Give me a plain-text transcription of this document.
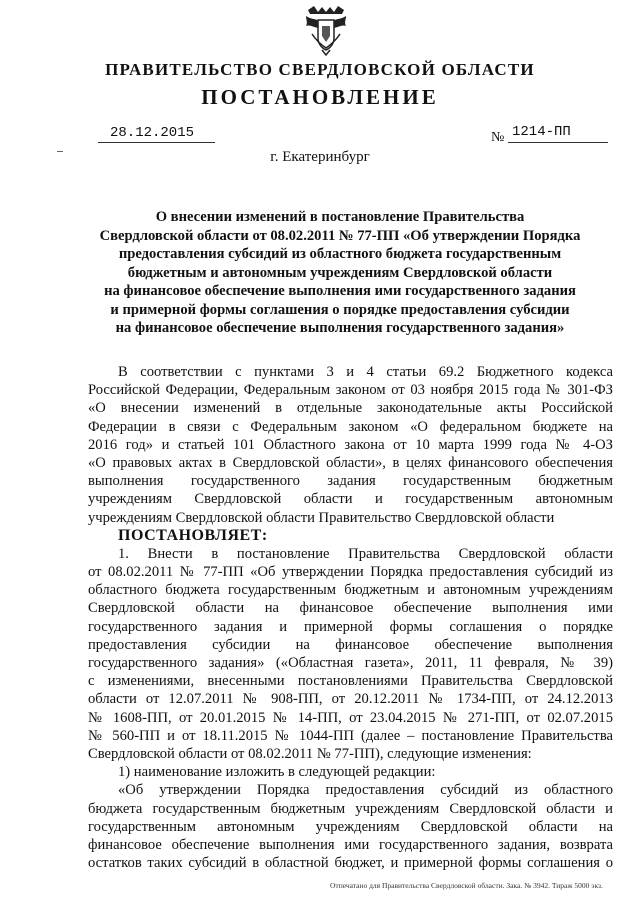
ПРАВИТЕЛЬСТВО СВЕРДЛОВСКОЙ ОБЛАСТИ
ПОСТАНОВЛЕНИЕ
28.12.2015	№ 1214-ПП
г. Екатеринбург
О внесении изменений в постановление Правительства
Свердловской области от 08.02.2011 № 77-ПП «Об утверждении Порядка
предоставления субсидий из областного бюджета государственным
бюджетным и автономным учреждениям Свердловской области
на финансовое обеспечение выполнения ими государственного задания
и примерной формы соглашения о порядке предоставления субсидии
на финансовое обеспечение выполнения государственного задания»
В соответствии с пунктами 3 и 4 статьи 69.2 Бюджетного кодекса
Российской Федерации, Федеральным законом от 03 ноября 2015 года № 301-ФЗ
«О внесении изменений в отдельные законодательные акты Российской
Федерации в связи с Федеральным законом «О федеральном бюджете на
2016 год» и статьей 101 Областного закона от 10 марта 1999 года № 4-ОЗ
«О правовых актах в Свердловской области», в целях финансового обеспечения
выполнения государственного задания государственным бюджетным
учреждениям Свердловской области и государственным автономным
учреждениям Свердловской области Правительство Свердловской области
ПОСТАНОВЛЯЕТ:
1. Внести в постановление Правительства Свердловской области
от 08.02.2011 № 77-ПП «Об утверждении Порядка предоставления субсидий из
областного бюджета государственным бюджетным и автономным учреждениям
Свердловской области на финансовое обеспечение выполнения ими
государственного задания и примерной формы соглашения о порядке
предоставления субсидии на финансовое обеспечение выполнения
государственного задания» («Областная газета», 2011, 11 февраля, № 39)
с изменениями, внесенными постановлениями Правительства Свердловской
области от 12.07.2011 № 908-ПП, от 20.12.2011 № 1734-ПП, от 24.12.2013
№ 1608-ПП, от 20.01.2015 № 14-ПП, от 23.04.2015 № 271-ПП, от 02.07.2015
№ 560-ПП и от 18.11.2015 № 1044-ПП (далее – постановление Правительства
Свердловской области от 08.02.2011 № 77-ПП), следующие изменения:
1) наименование изложить в следующей редакции:
«Об утверждении Порядка предоставления субсидий из областного
бюджета государственным бюджетным учреждениям Свердловской области и
государственным автономным учреждениям Свердловской области на
финансовое обеспечение выполнения ими государственного задания, возврата
остатков таких субсидий в областной бюджет, и примерной формы соглашения о
Отпечатано для Правительства Свердловской области. Зака. № 3942. Тираж 5000 экз.
